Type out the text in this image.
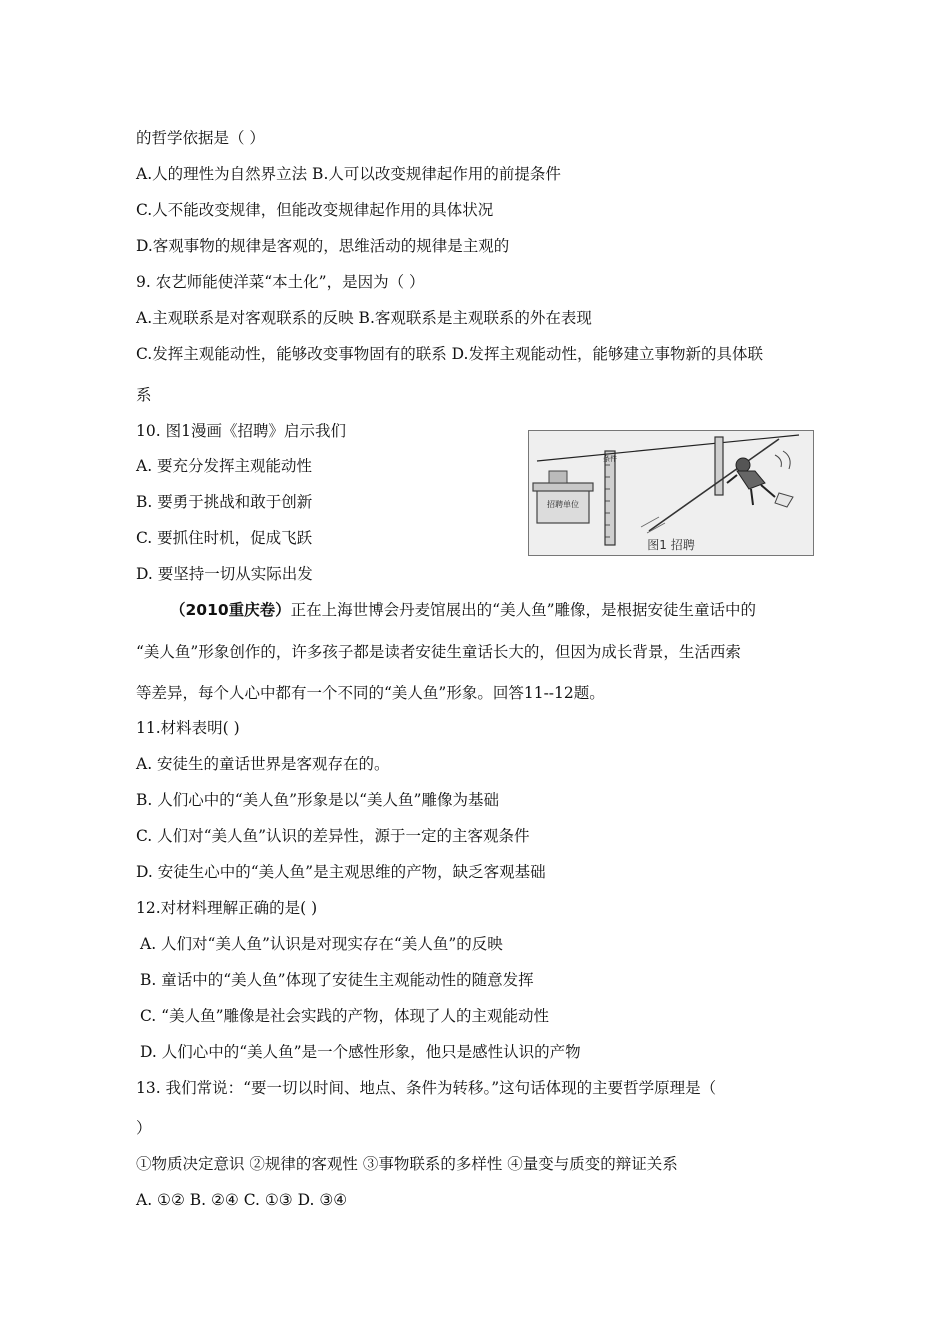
的哲学依据是（ ）
A.人的理性为自然界立法 B.人可以改变规律起作用的前提条件
C.人不能改变规律，但能改变规律起作用的具体状况
D.客观事物的规律是客观的，思维活动的规律是主观的
9. 农艺师能使洋菜“本土化”，是因为（ ）
A.主观联系是对客观联系的反映 B.客观联系是主观联系的外在表现
C.发挥主观能动性，能够改变事物固有的联系 D.发挥主观能动性，能够建立事物新的具体联
系
10. 图1漫画《招聘》启示我们
A. 要充分发挥主观能动性
B. 要勇于挑战和敢于创新
C. 要抓住时机，促成飞跃
D. 要坚持一切从实际出发
招聘单位
条件
图1 招聘
（2010重庆卷）正在上海世博会丹麦馆展出的“美人鱼”雕像，是根据安徒生童话中的
“美人鱼”形象创作的，许多孩子都是读者安徒生童话长大的，但因为成长背景，生活西索
等差异，每个人心中都有一个不同的“美人鱼”形象。回答11--12题。
11.材料表明( )
A. 安徒生的童话世界是客观存在的。
B. 人们心中的“美人鱼”形象是以“美人鱼”雕像为基础
C. 人们对“美人鱼”认识的差异性，源于一定的主客观条件
D. 安徒生心中的“美人鱼”是主观思维的产物，缺乏客观基础
12.对材料理解正确的是( )
A. 人们对“美人鱼”认识是对现实存在“美人鱼”的反映
B. 童话中的“美人鱼”体现了安徒生主观能动性的随意发挥
C. “美人鱼”雕像是社会实践的产物，体现了人的主观能动性
D. 人们心中的“美人鱼”是一个感性形象，他只是感性认识的产物
13. 我们常说：“要一切以时间、地点、条件为转移。”这句话体现的主要哲学原理是（
）
①物质决定意识 ②规律的客观性 ③事物联系的多样性 ④量变与质变的辩证关系
A. ①② B. ②④ C. ①③ D. ③④
